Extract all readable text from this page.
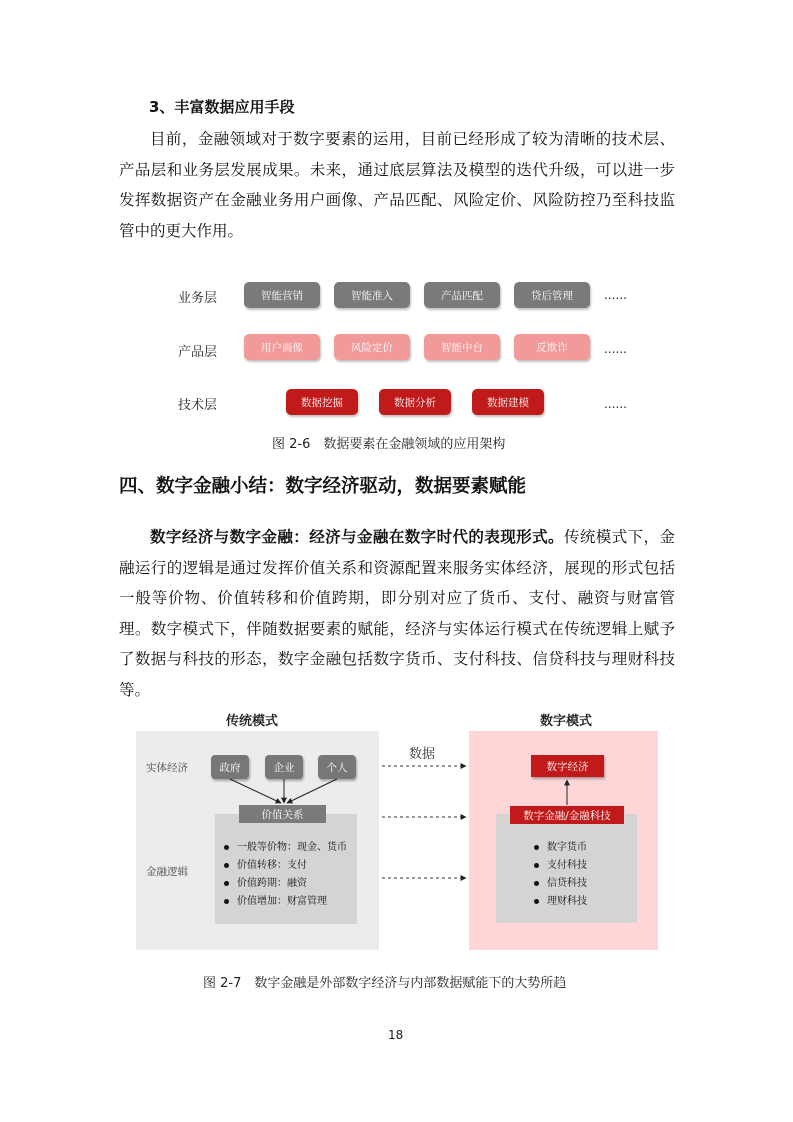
3、丰富数据应用手段

目前，金融领域对于数字要素的运用，目前已经形成了较为清晰的技术层、产品层和业务层发展成果。未来，通过底层算法及模型的迭代升级，可以进一步发挥数据资产在金融业务用户画像、产品匹配、风险定价、风险防控乃至科技监管中的更大作用。

业务层	智能营销	智能准入	产品匹配	贷后管理	......
产品层	用户画像	风险定价	智能中台	反欺诈	......
技术层	数据挖掘	数据分析	数据建模	......
图 2-6　数据要素在金融领域的应用架构
四、数字金融小结：数字经济驱动，数据要素赋能

数字经济与数字金融：经济与金融在数字时代的表现形式。传统模式下，金融运行的逻辑是通过发挥价值关系和资源配置来服务实体经济，展现的形式包括一般等价物、价值转移和价值跨期，即分别对应了货币、支付、融资与财富管理。数字模式下，伴随数据要素的赋能，经济与实体运行模式在传统逻辑上赋予了数据与科技的形态，数字金融包括数字货币、支付科技、信贷科技与理财科技等。

传统模式	数字模式
实体经济
金融逻辑
政府	企业	个人
一般等价物：现金、货币
价值转移：支付
价值跨期：融资
价值增加：财富管理
价值关系
数字经济
数字货币
支付科技
信贷科技
理财科技
数字金融/金融科技
数据
图 2-7　数字金融是外部数字经济与内部数据赋能下的大势所趋
18
